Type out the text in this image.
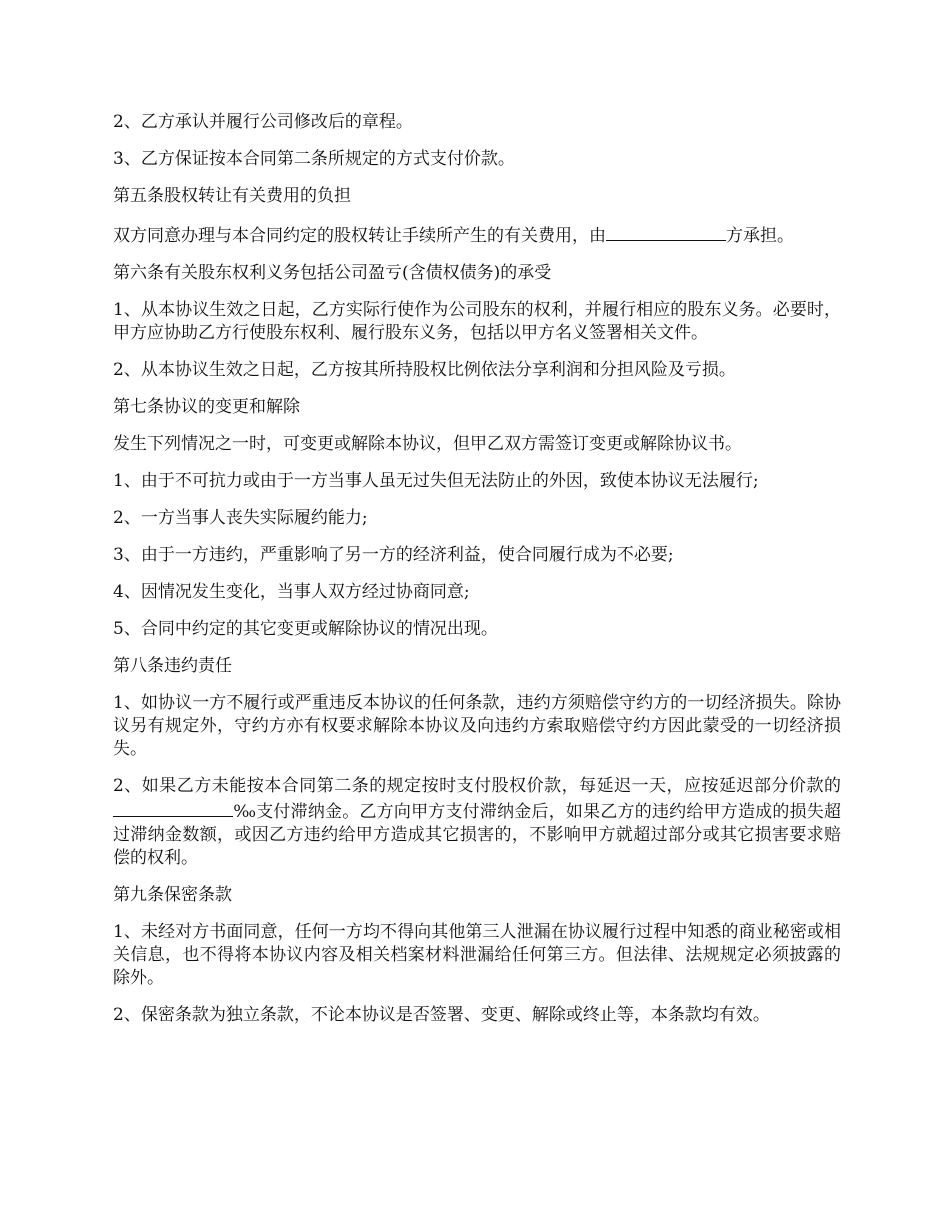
2、乙方承认并履行公司修改后的章程。

3、乙方保证按本合同第二条所规定的方式支付价款。

第五条股权转让有关费用的负担

双方同意办理与本合同约定的股权转让手续所产生的有关费用，由	方承担。

第六条有关股东权利义务包括公司盈亏(含债权债务)的承受

1、从本协议生效之日起，乙方实际行使作为公司股东的权利，并履行相应的股东义务。必要时，甲方应协助乙方行使股东权利、履行股东义务，包括以甲方名义签署相关文件。

2、从本协议生效之日起，乙方按其所持股权比例依法分享利润和分担风险及亏损。

第七条协议的变更和解除

发生下列情况之一时，可变更或解除本协议，但甲乙双方需签订变更或解除协议书。

1、由于不可抗力或由于一方当事人虽无过失但无法防止的外因，致使本协议无法履行;

2、一方当事人丧失实际履约能力;

3、由于一方违约，严重影响了另一方的经济利益，使合同履行成为不必要;

4、因情况发生变化，当事人双方经过协商同意;

5、合同中约定的其它变更或解除协议的情况出现。

第八条违约责任

1、如协议一方不履行或严重违反本协议的任何条款，违约方须赔偿守约方的一切经济损失。除协议另有规定外，守约方亦有权要求解除本协议及向违约方索取赔偿守约方因此蒙受的一切经济损失。

2、如果乙方未能按本合同第二条的规定按时支付股权价款，每延迟一天，应按延迟部分价款的‰支付滞纳金。乙方向甲方支付滞纳金后，如果乙方的违约给甲方造成的损失超过滞纳金数额，或因乙方违约给甲方造成其它损害的，不影响甲方就超过部分或其它损害要求赔偿的权利。

第九条保密条款

1、未经对方书面同意，任何一方均不得向其他第三人泄漏在协议履行过程中知悉的商业秘密或相关信息，也不得将本协议内容及相关档案材料泄漏给任何第三方。但法律、法规规定必须披露的除外。

2、保密条款为独立条款，不论本协议是否签署、变更、解除或终止等，本条款均有效。
